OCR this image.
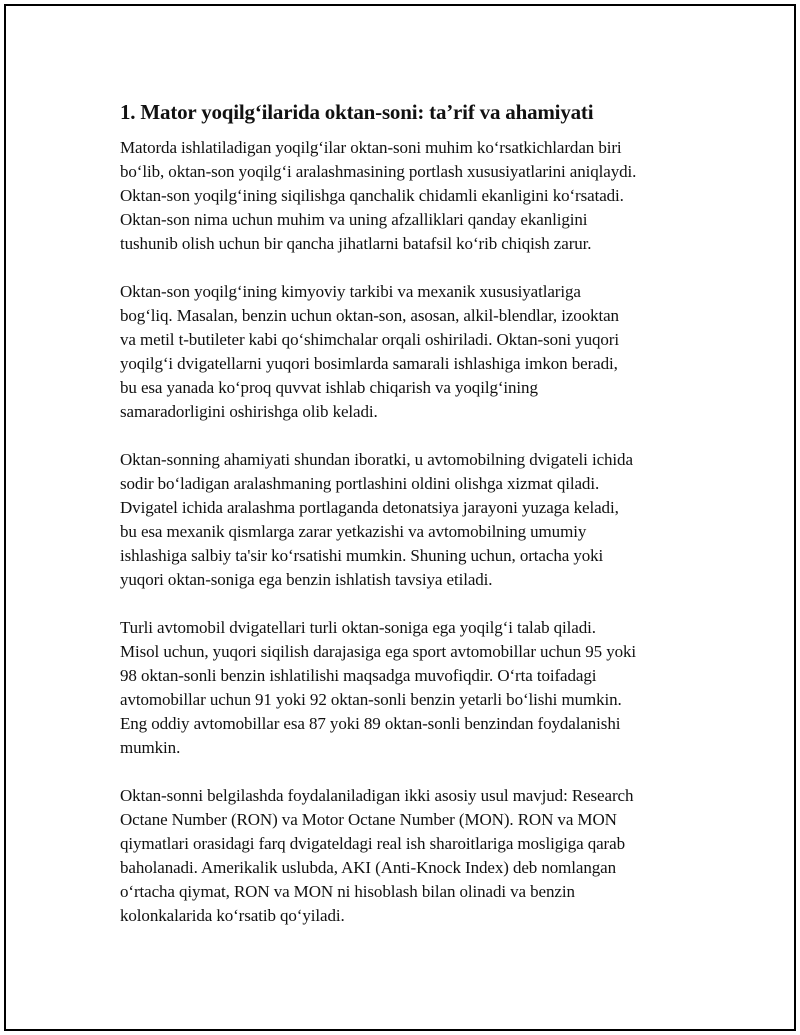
1. Mator yoqilg‘ilarida oktan-soni: ta’rif va ahamiyati

Matorda ishlatiladigan yoqilg‘ilar oktan-soni muhim ko‘rsatkichlardan biri
bo‘lib, oktan-son yoqilg‘i aralashmasining portlash xususiyatlarini aniqlaydi.
Oktan-son yoqilg‘ining siqilishga qanchalik chidamli ekanligini ko‘rsatadi.
Oktan-son nima uchun muhim va uning afzalliklari qanday ekanligini
tushunib olish uchun bir qancha jihatlarni batafsil ko‘rib chiqish zarur.

Oktan-son yoqilg‘ining kimyoviy tarkibi va mexanik xususiyatlariga
bog‘liq. Masalan, benzin uchun oktan-son, asosan, alkil-blendlar, izooktan
va metil t-butileter kabi qo‘shimchalar orqali oshiriladi. Oktan-soni yuqori
yoqilg‘i dvigatellarni yuqori bosimlarda samarali ishlashiga imkon beradi,
bu esa yanada ko‘proq quvvat ishlab chiqarish va yoqilg‘ining
samaradorligini oshirishga olib keladi.

Oktan-sonning ahamiyati shundan iboratki, u avtomobilning dvigateli ichida
sodir bo‘ladigan aralashmaning portlashini oldini olishga xizmat qiladi.
Dvigatel ichida aralashma portlaganda detonatsiya jarayoni yuzaga keladi,
bu esa mexanik qismlarga zarar yetkazishi va avtomobilning umumiy
ishlashiga salbiy ta'sir ko‘rsatishi mumkin. Shuning uchun, ortacha yoki
yuqori oktan-soniga ega benzin ishlatish tavsiya etiladi.

Turli avtomobil dvigatellari turli oktan-soniga ega yoqilg‘i talab qiladi.
Misol uchun, yuqori siqilish darajasiga ega sport avtomobillar uchun 95 yoki
98 oktan-sonli benzin ishlatilishi maqsadga muvofiqdir. O‘rta toifadagi
avtomobillar uchun 91 yoki 92 oktan-sonli benzin yetarli bo‘lishi mumkin.
Eng oddiy avtomobillar esa 87 yoki 89 oktan-sonli benzindan foydalanishi
mumkin.

Oktan-sonni belgilashda foydalaniladigan ikki asosiy usul mavjud: Research
Octane Number (RON) va Motor Octane Number (MON). RON va MON
qiymatlari orasidagi farq dvigateldagi real ish sharoitlariga mosligiga qarab
baholanadi. Amerikalik uslubda, AKI (Anti-Knock Index) deb nomlangan
o‘rtacha qiymat, RON va MON ni hisoblash bilan olinadi va benzin
kolonkalarida ko‘rsatib qo‘yiladi.
